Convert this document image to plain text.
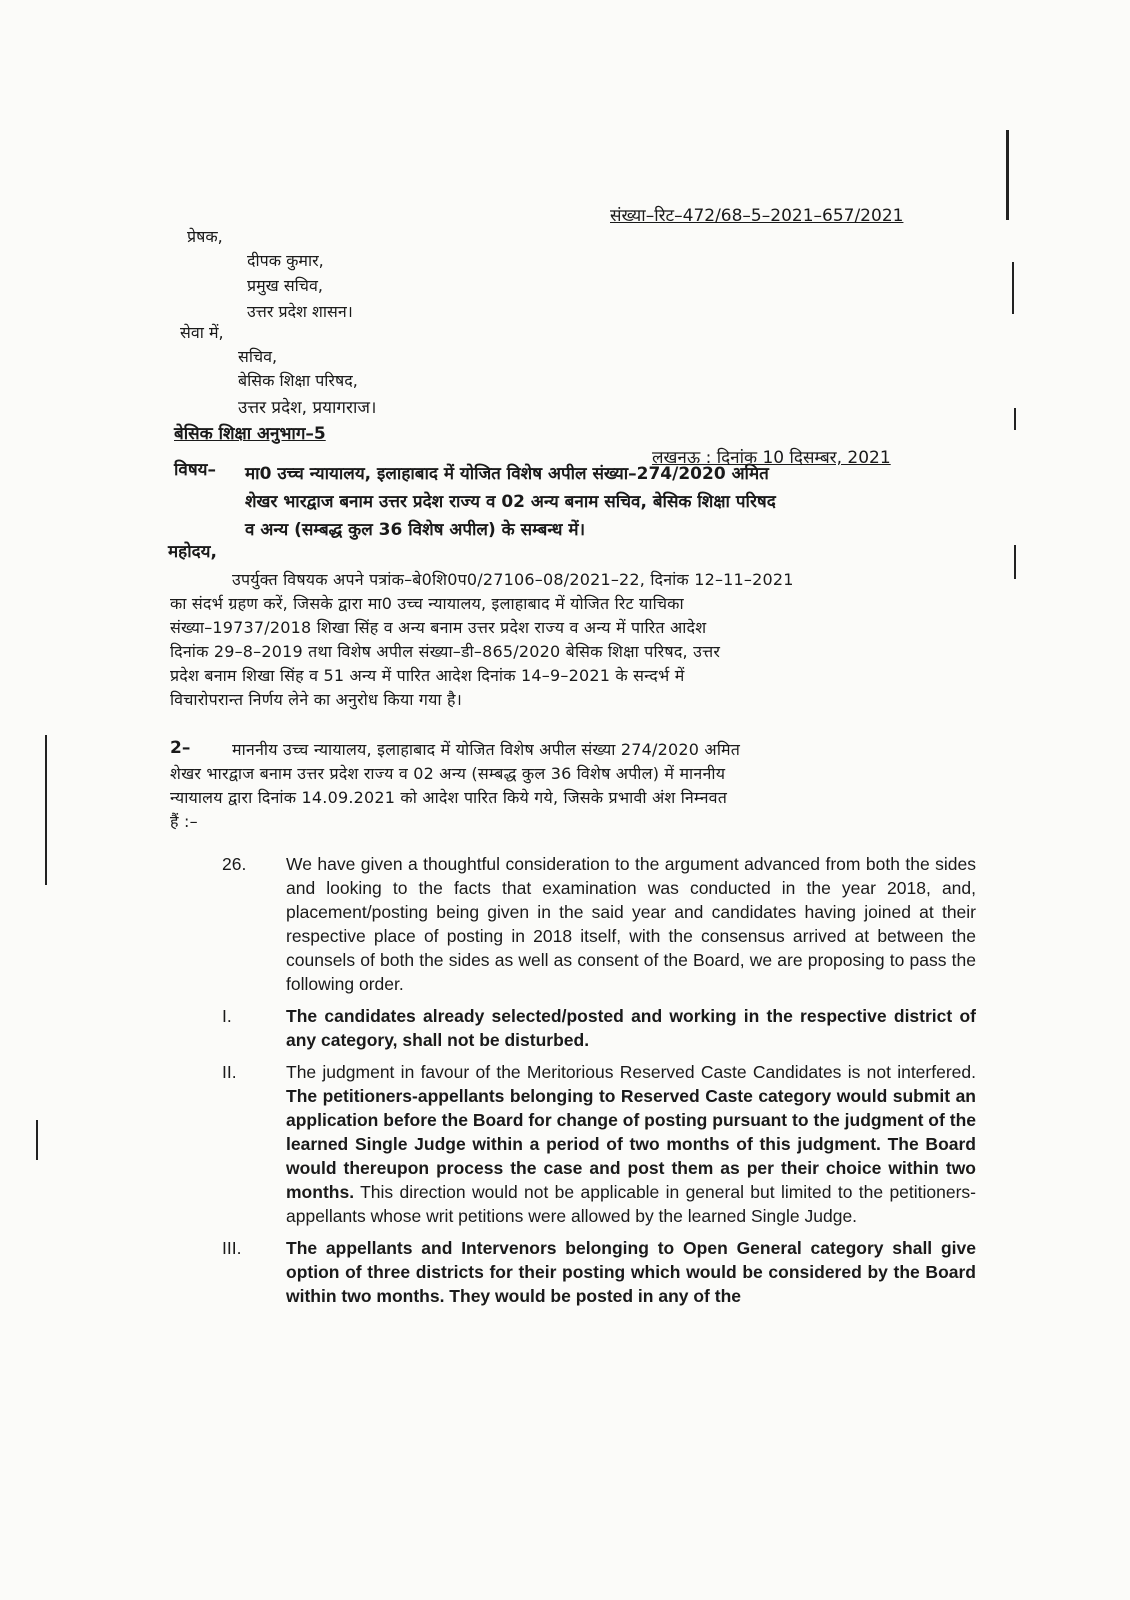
संख्या–रिट–472/68–5–2021–657/2021
प्रेषक,
दीपक कुमार,
प्रमुख सचिव,
उत्तर प्रदेश शासन।
सेवा में,
सचिव,
बेसिक शिक्षा परिषद,
उत्तर प्रदेश, प्रयागराज।
बेसिक शिक्षा अनुभाग–5
लखनऊ : दिनांक 10 दिसम्बर, 2021
विषय– मा0 उच्च न्यायालय, इलाहाबाद में योजित विशेष अपील संख्या–274/2020 अमित
शेखर भारद्वाज बनाम उत्तर प्रदेश राज्य व 02 अन्य बनाम सचिव, बेसिक शिक्षा परिषद
व अन्य (सम्बद्ध कुल 36 विशेष अपील) के सम्बन्ध में।
महोदय,
उपर्युक्त विषयक अपने पत्रांक–बे0शि0प0/27106–08/2021–22, दिनांक 12–11–2021
का संदर्भ ग्रहण करें, जिसके द्वारा मा0 उच्च न्यायालय, इलाहाबाद में योजित रिट याचिका
संख्या–19737/2018 शिखा सिंह व अन्य बनाम उत्तर प्रदेश राज्य व अन्य में पारित आदेश
दिनांक 29–8–2019 तथा विशेष अपील संख्या–डी–865/2020 बेसिक शिक्षा परिषद, उत्तर
प्रदेश बनाम शिखा सिंह व 51 अन्य में पारित आदेश दिनांक 14–9–2021 के सन्दर्भ में
विचारोपरान्त निर्णय लेने का अनुरोध किया गया है।
2–	माननीय उच्च न्यायालय, इलाहाबाद में योजित विशेष अपील संख्या 274/2020 अमित
शेखर भारद्वाज बनाम उत्तर प्रदेश राज्य व 02 अन्य (सम्बद्ध कुल 36 विशेष अपील) में माननीय
न्यायालय द्वारा दिनांक 14.09.2021 को आदेश पारित किये गये, जिसके प्रभावी अंश निम्नवत
हैं :–
26.	We have given a thoughtful consideration to the argument advanced from both the sides and looking to the facts that examination was conducted in the year 2018, and, placement/posting being given in the said year and candidates having joined at their respective place of posting in 2018 itself, with the consensus arrived at between the counsels of both the sides as well as consent of the Board, we are proposing to pass the following order.
I.	The candidates already selected/posted and working in the respective district of any category, shall not be disturbed.
II.	The judgment in favour of the Meritorious Reserved Caste Candidates is not interfered. The petitioners-appellants belonging to Reserved Caste category would submit an application before the Board for change of posting pursuant to the judgment of the learned Single Judge within a period of two months of this judgment. The Board would thereupon process the case and post them as per their choice within two months. This direction would not be applicable in general but limited to the petitioners-appellants whose writ petitions were allowed by the learned Single Judge.
III.	The appellants and Intervenors belonging to Open General category shall give option of three districts for their posting which would be considered by the Board within two months. They would be posted in any of the
